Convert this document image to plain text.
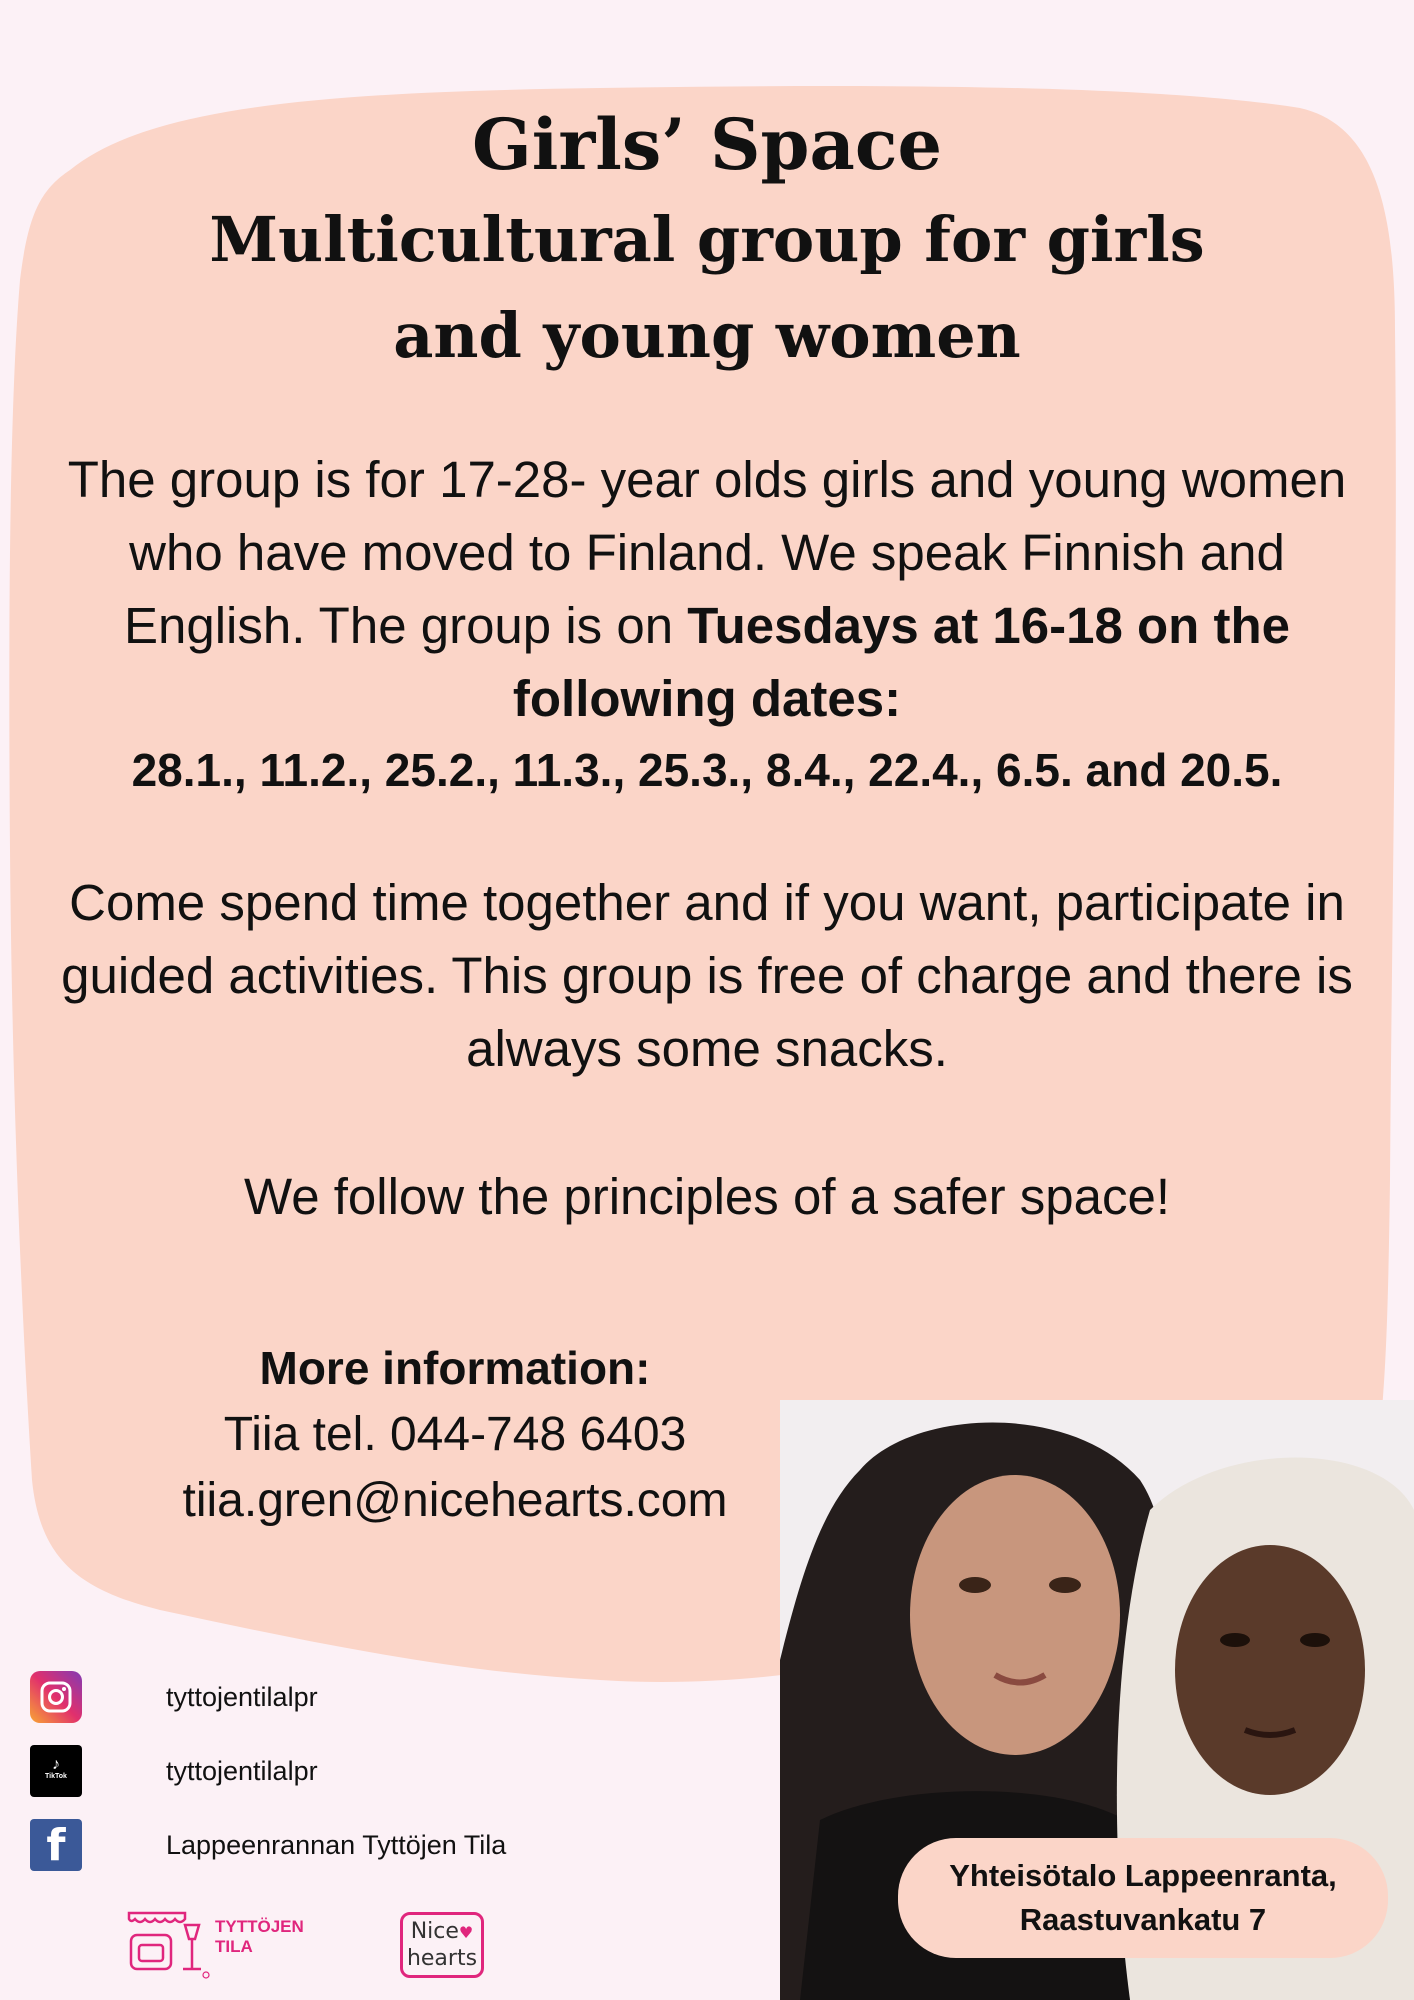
Girls’ Space
Multicultural group for girls and young women
The group is for 17-28- year olds girls and young women who have moved to Finland. We speak Finnish and English. The group is on Tuesdays at 16-18 on the following dates:
28.1., 11.2., 25.2., 11.3., 25.3., 8.4., 22.4., 6.5. and 20.5.
Come spend time together and if you want, participate in guided activities. This group is free of charge and there is always some snacks.
We follow the principles of a safer space!
More information:
Tiia tel. 044-748 6403
tiia.gren@nicehearts.com
Yhteisötalo Lappeenranta,
Raastuvankatu 7
tyttojentilalpr
♪
TikTok	tyttojentilalpr
f	Lappeenrannan Tyttöjen Tila
TYTTÖJEN
TILA
Nice♥
hearts
